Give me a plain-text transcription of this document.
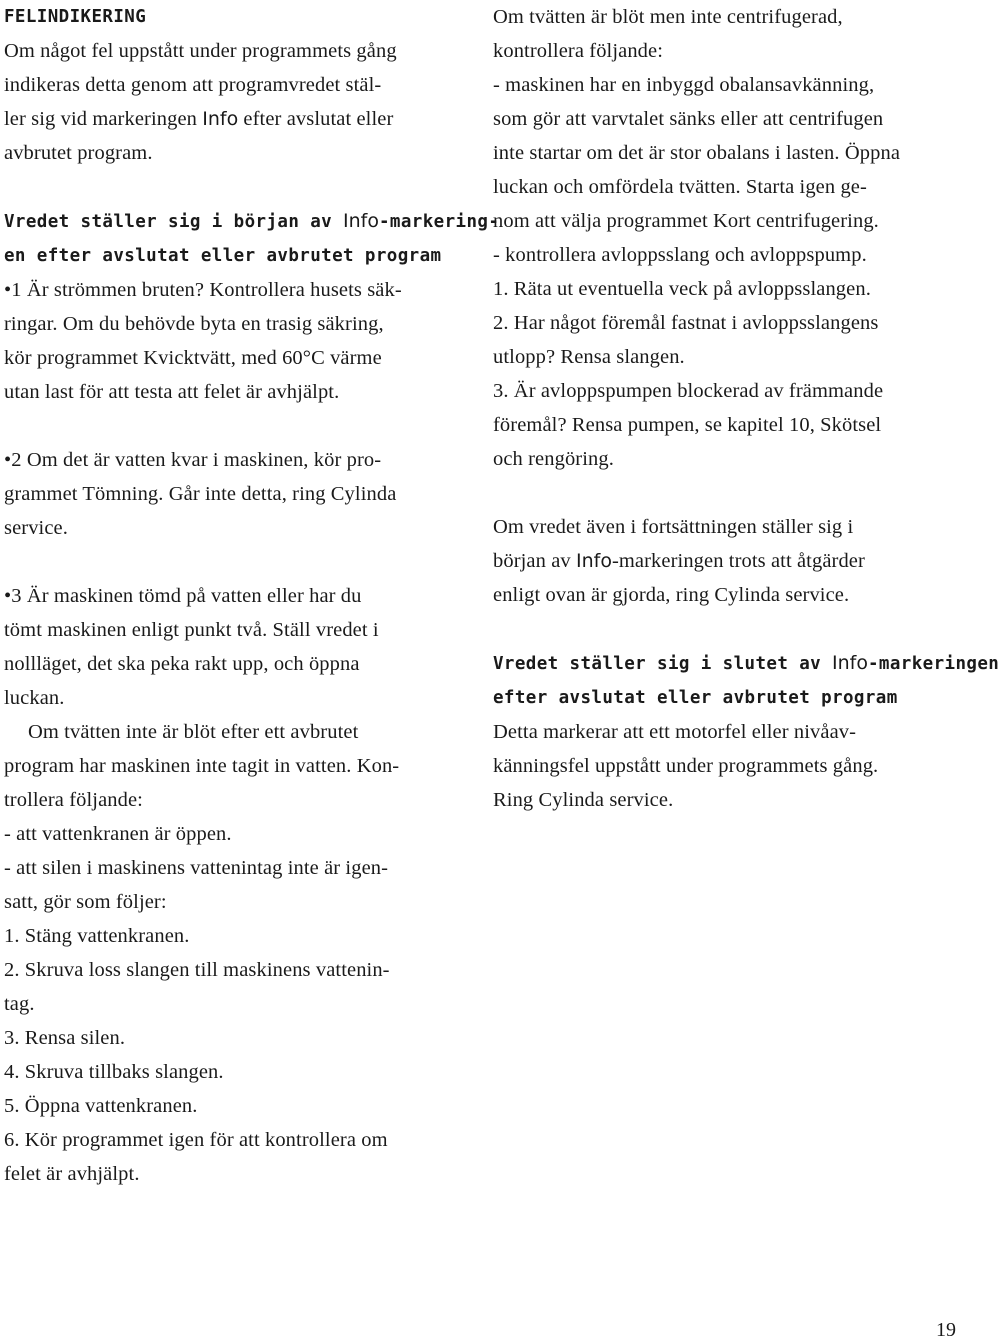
FELINDIKERING

Om något fel uppstått under programmets gång

indikeras detta genom att programvredet stäl-

ler sig vid markeringen Info efter avslutat eller

avbrutet program.

Vredet ställer sig i början av Info-markering-

en efter avslutat eller avbrutet program

•1 Är strömmen bruten? Kontrollera husets säk-

ringar. Om du behövde byta en trasig säkring,

kör programmet Kvicktvätt, med 60°C värme

utan last för att testa att felet är avhjälpt.

•2 Om det är vatten kvar i maskinen, kör pro-

grammet Tömning. Går inte detta, ring Cylinda

service.

•3 Är maskinen tömd på vatten eller har du

tömt maskinen enligt punkt två. Ställ vredet i

nollläget, det ska peka rakt upp, och öppna

luckan.

Om tvätten inte är blöt efter ett avbrutet

program har maskinen inte tagit in vatten. Kon-

trollera följande:

- att vattenkranen är öppen.

- att silen i maskinens vattenintag inte är igen-

satt, gör som följer:

1. Stäng vattenkranen.

2. Skruva loss slangen till maskinens vattenin-

tag.

3. Rensa silen.

4. Skruva tillbaks slangen.

5. Öppna vattenkranen.

6. Kör programmet igen för att kontrollera om

felet är avhjälpt.

Om tvätten är blöt men inte centrifugerad,

kontrollera följande:

- maskinen har en inbyggd obalansavkänning,

som gör att varvtalet sänks eller att centrifugen

inte startar om det är stor obalans i lasten. Öppna

luckan och omfördela tvätten. Starta igen ge-

nom att välja programmet Kort centrifugering.

- kontrollera avloppsslang och avloppspump.

1. Räta ut eventuella veck på avloppsslangen.

2. Har något föremål fastnat i avloppsslangens

utlopp? Rensa slangen.

3. Är avloppspumpen blockerad av främmande

föremål? Rensa pumpen, se kapitel 10, Skötsel

och rengöring.

Om vredet även i fortsättningen ställer sig i

början av Info-markeringen trots att åtgärder

enligt ovan är gjorda, ring Cylinda service.

Vredet ställer sig i slutet av Info-markeringen

efter avslutat eller avbrutet program

Detta markerar att ett motorfel eller nivåav-

känningsfel uppstått under programmets gång.

Ring Cylinda service.

19
